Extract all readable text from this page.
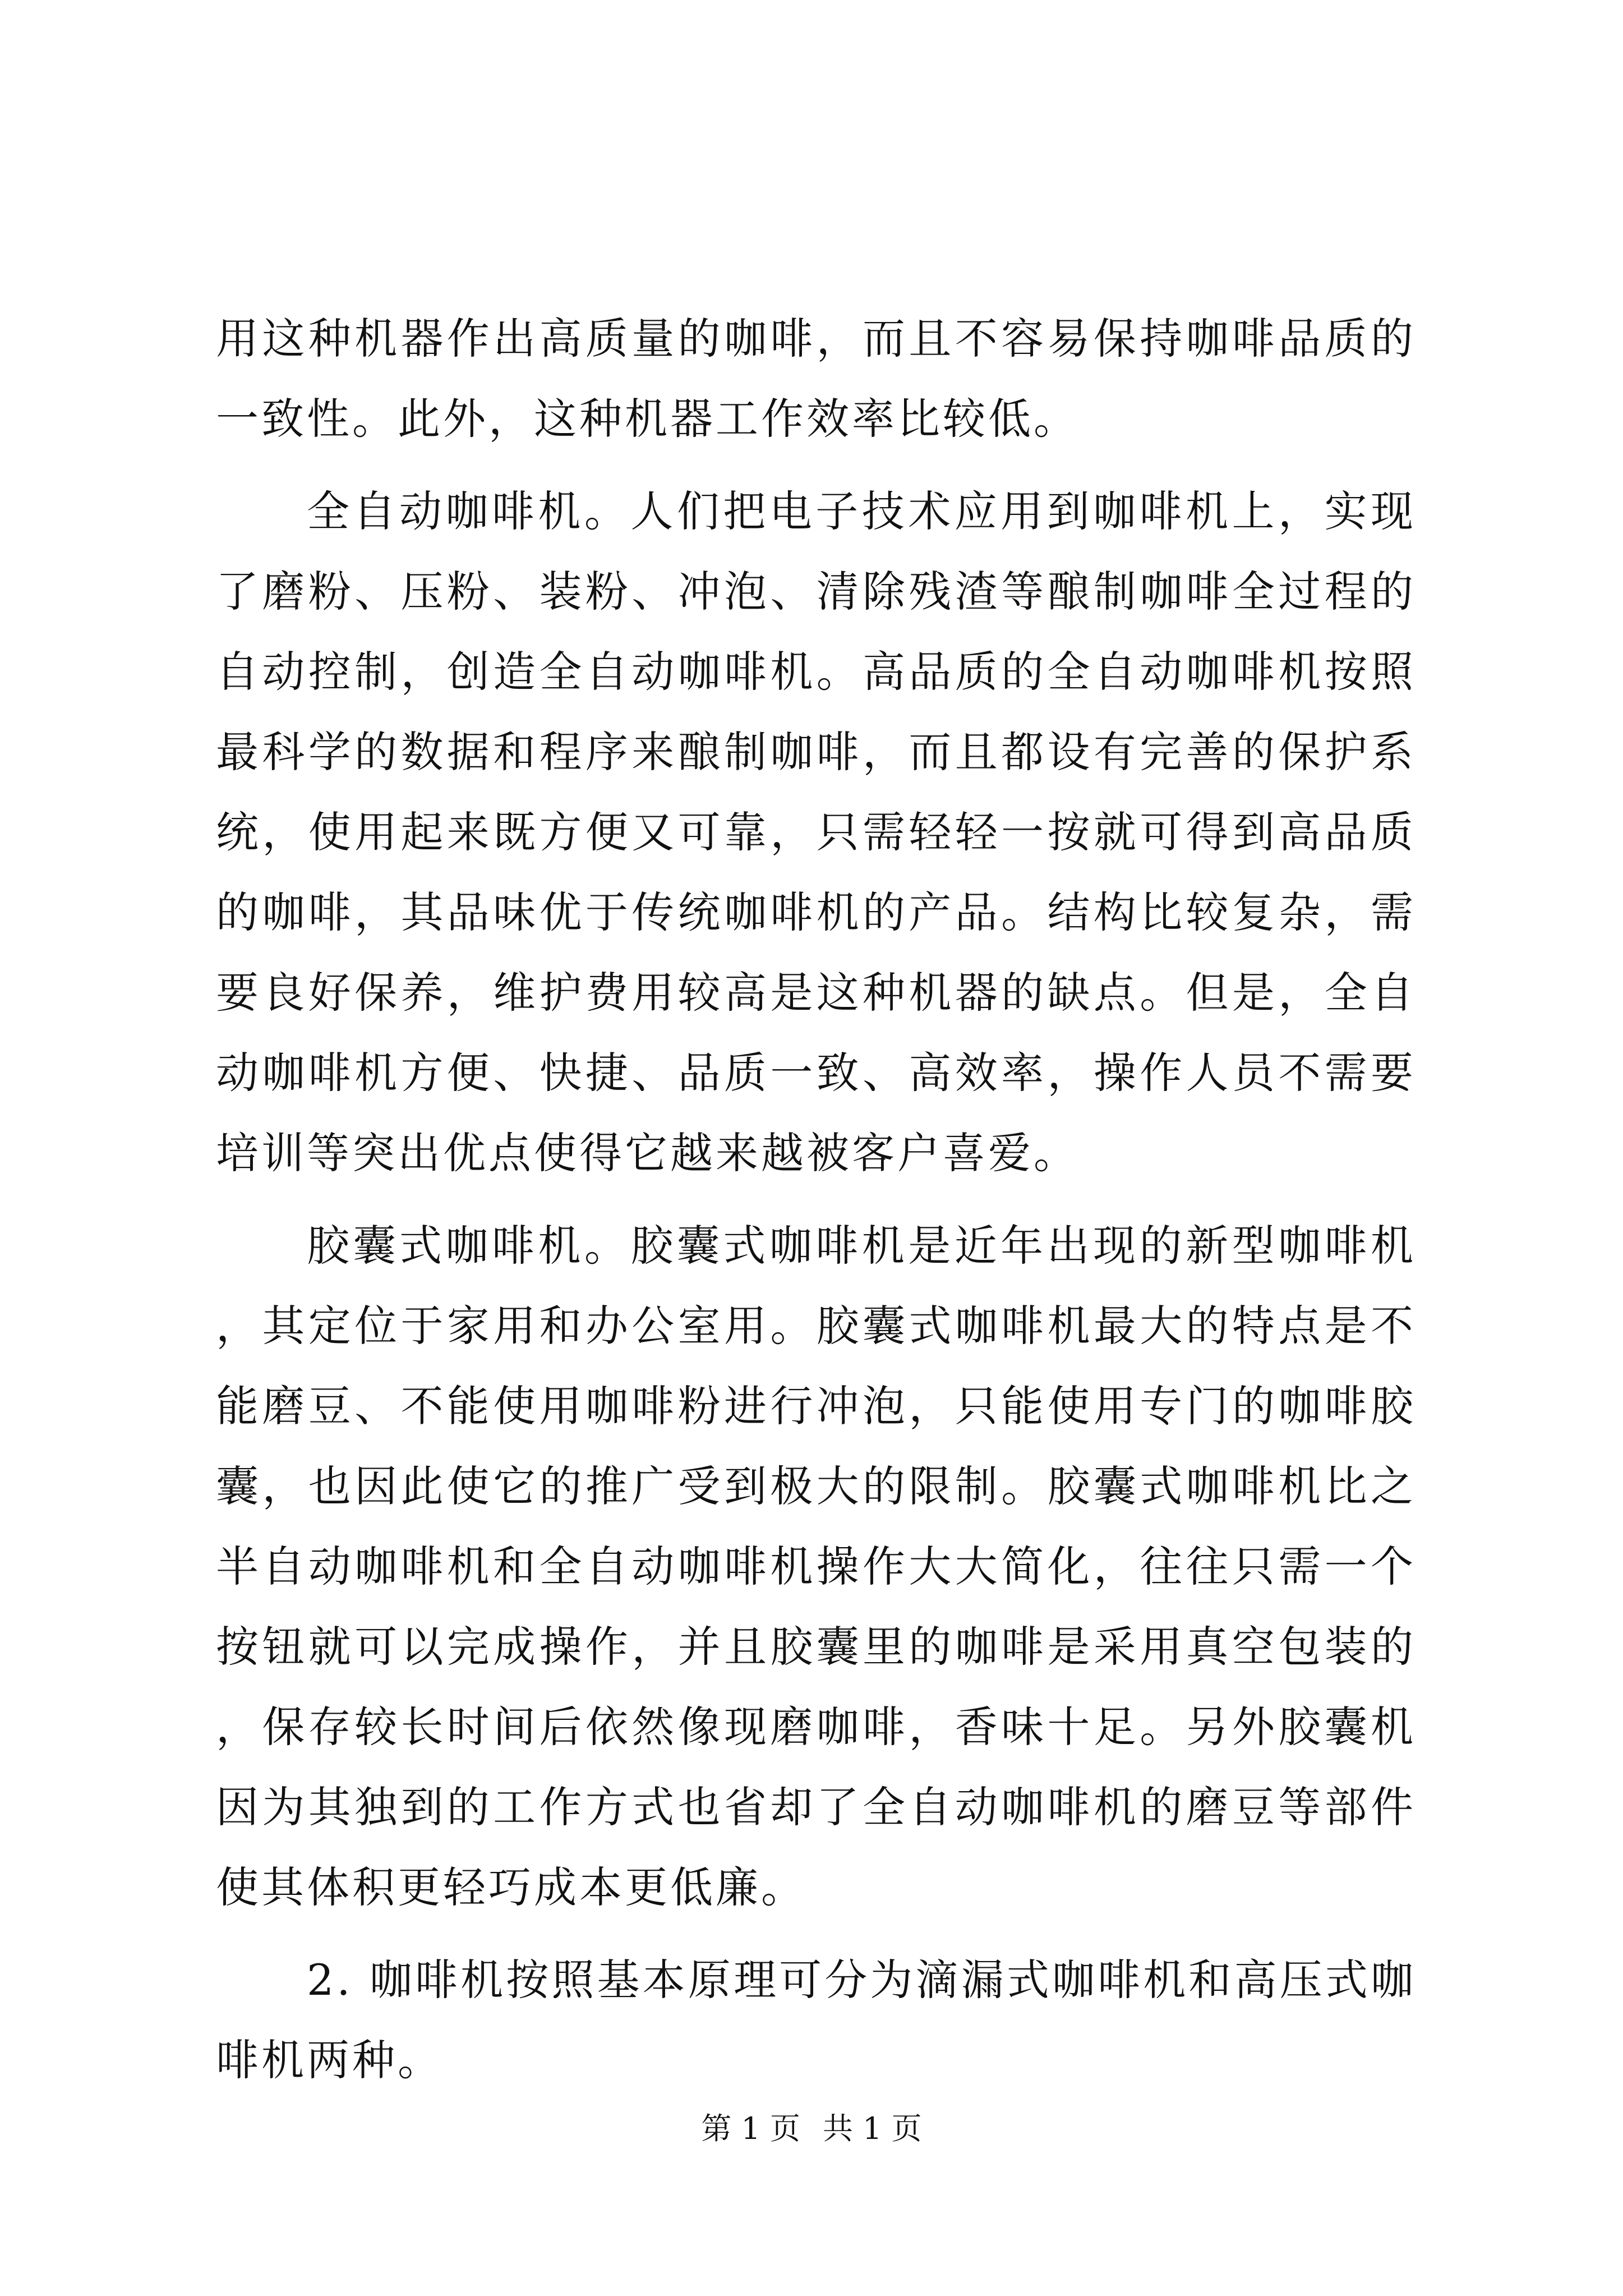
用这种机器作出高质量的咖啡，而且不容易保持咖啡品质的一致性。此外，这种机器工作效率比较低。

全自动咖啡机。人们把电子技术应用到咖啡机上，实现了磨粉、压粉、装粉、冲泡、清除残渣等酿制咖啡全过程的自动控制，创造全自动咖啡机。高品质的全自动咖啡机按照最科学的数据和程序来酿制咖啡，而且都设有完善的保护系统，使用起来既方便又可靠，只需轻轻一按就可得到高品质的咖啡，其品味优于传统咖啡机的产品。结构比较复杂，需要良好保养，维护费用较高是这种机器的缺点。但是，全自动咖啡机方便、快捷、品质一致、高效率，操作人员不需要培训等突出优点使得它越来越被客户喜爱。

胶囊式咖啡机。胶囊式咖啡机是近年出现的新型咖啡机，其定位于家用和办公室用。胶囊式咖啡机最大的特点是不能磨豆、不能使用咖啡粉进行冲泡，只能使用专门的咖啡胶囊，也因此使它的推广受到极大的限制。胶囊式咖啡机比之半自动咖啡机和全自动咖啡机操作大大简化，往往只需一个按钮就可以完成操作，并且胶囊里的咖啡是采用真空包装的，保存较长时间后依然像现磨咖啡，香味十足。另外胶囊机因为其独到的工作方式也省却了全自动咖啡机的磨豆等部件使其体积更轻巧成本更低廉。

2. 咖啡机按照基本原理可分为滴漏式咖啡机和高压式咖啡机两种。

第 1 页 共 1 页
